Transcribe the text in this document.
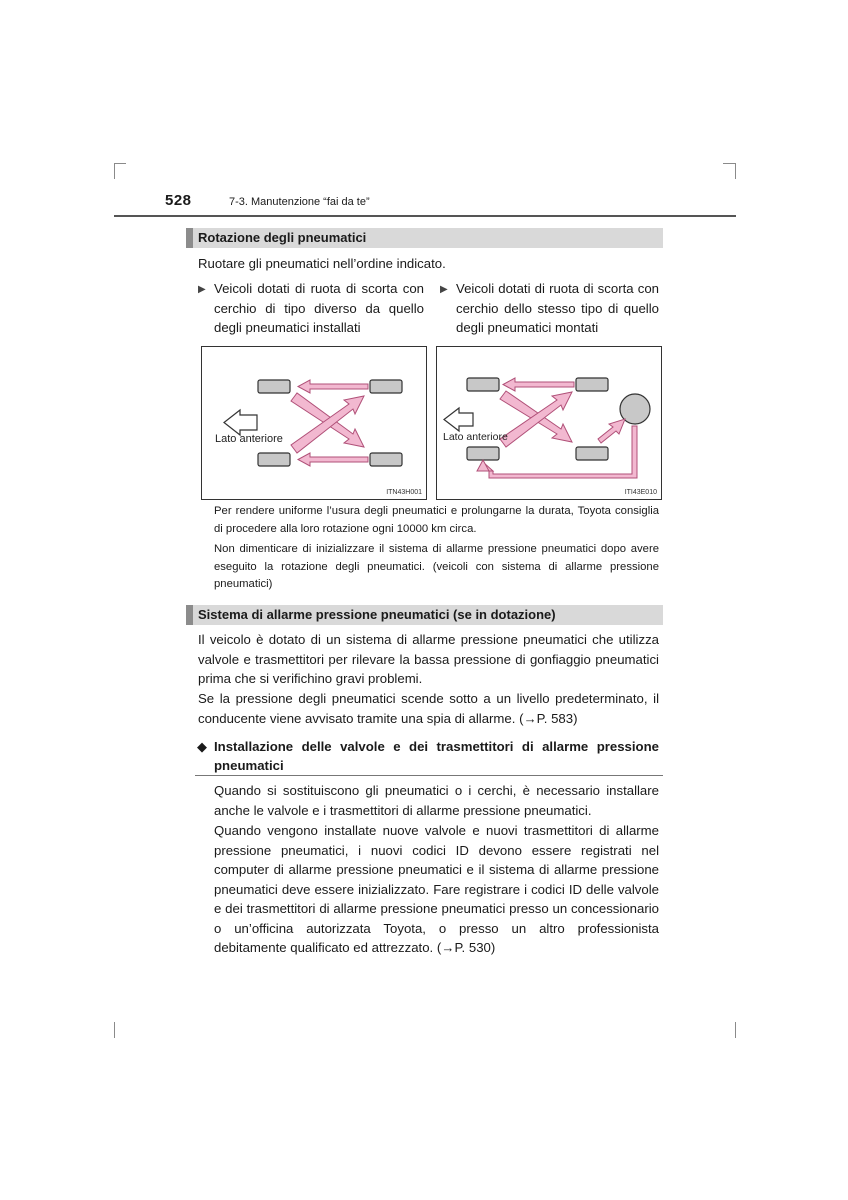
528	7-3. Manutenzione “fai da te”
Rotazione degli pneumatici

Ruotare gli pneumatici nell’ordine indicato.

▶ Veicoli dotati di ruota di scorta con cerchio di tipo diverso da quello degli pneumatici installati
▶ Veicoli dotati di ruota di scorta con cerchio dello stesso tipo di quello degli pneumatici montati
Lato anteriore
ITN43H001
Lato anteriore
ITI43E010

Per rendere uniforme l’usura degli pneumatici e prolungarne la durata, Toyota consiglia di procedere alla loro rotazione ogni 10000 km circa.

Non dimenticare di inizializzare il sistema di allarme pressione pneumatici dopo avere eseguito la rotazione degli pneumatici. (veicoli con sistema di allarme pressione pneumatici)

Sistema di allarme pressione pneumatici (se in dotazione)

Il veicolo è dotato di un sistema di allarme pressione pneumatici che utilizza valvole e trasmettitori per rilevare la bassa pressione di gonfiaggio pneumatici prima che si verifichino gravi problemi.

Se la pressione degli pneumatici scende sotto a un livello predeterminato, il conducente viene avvisato tramite una spia di allarme. (→P. 583)

◆ Installazione delle valvole e dei trasmettitori di allarme pressione pneumatici

Quando si sostituiscono gli pneumatici o i cerchi, è necessario installare anche le valvole e i trasmettitori di allarme pressione pneumatici.

Quando vengono installate nuove valvole e nuovi trasmettitori di allarme pressione pneumatici, i nuovi codici ID devono essere registrati nel computer di allarme pressione pneumatici e il sistema di allarme pressione pneumatici deve essere inizializzato. Fare registrare i codici ID delle valvole e dei trasmettitori di allarme pressione pneumatici presso un concessionario o un’officina autorizzata Toyota, o presso un altro professionista debitamente qualificato ed attrezzato. (→P. 530)
